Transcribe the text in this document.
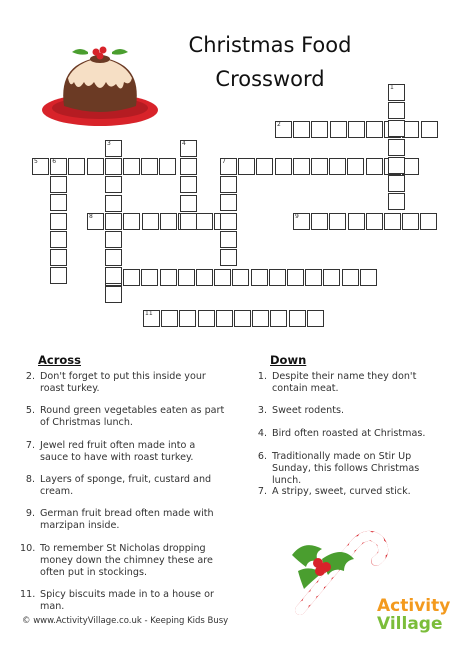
Christmas Food
Crossword
2
5 6	7
8	9
11
1
3	4
Across
2. Don't forget to put this inside your roast turkey.
5. Round green vegetables eaten as part of Christmas lunch.
7. Jewel red fruit often made into a sauce to have with roast turkey.
8. Layers of sponge, fruit, custard and cream.
9. German fruit bread often made with marzipan inside.
10. To remember St Nicholas dropping money down the chimney these are often put in stockings.
11. Spicy biscuits made in to a house or man.
Down
1. Despite their name they don't contain meat.
3. Sweet rodents.
4. Bird often roasted at Christmas.
6. Traditionally made on Stir Up Sunday, this follows Christmas lunch.
7. A stripy, sweet, curved stick.
Activity
Village
© www.ActivityVillage.co.uk - Keeping Kids Busy
